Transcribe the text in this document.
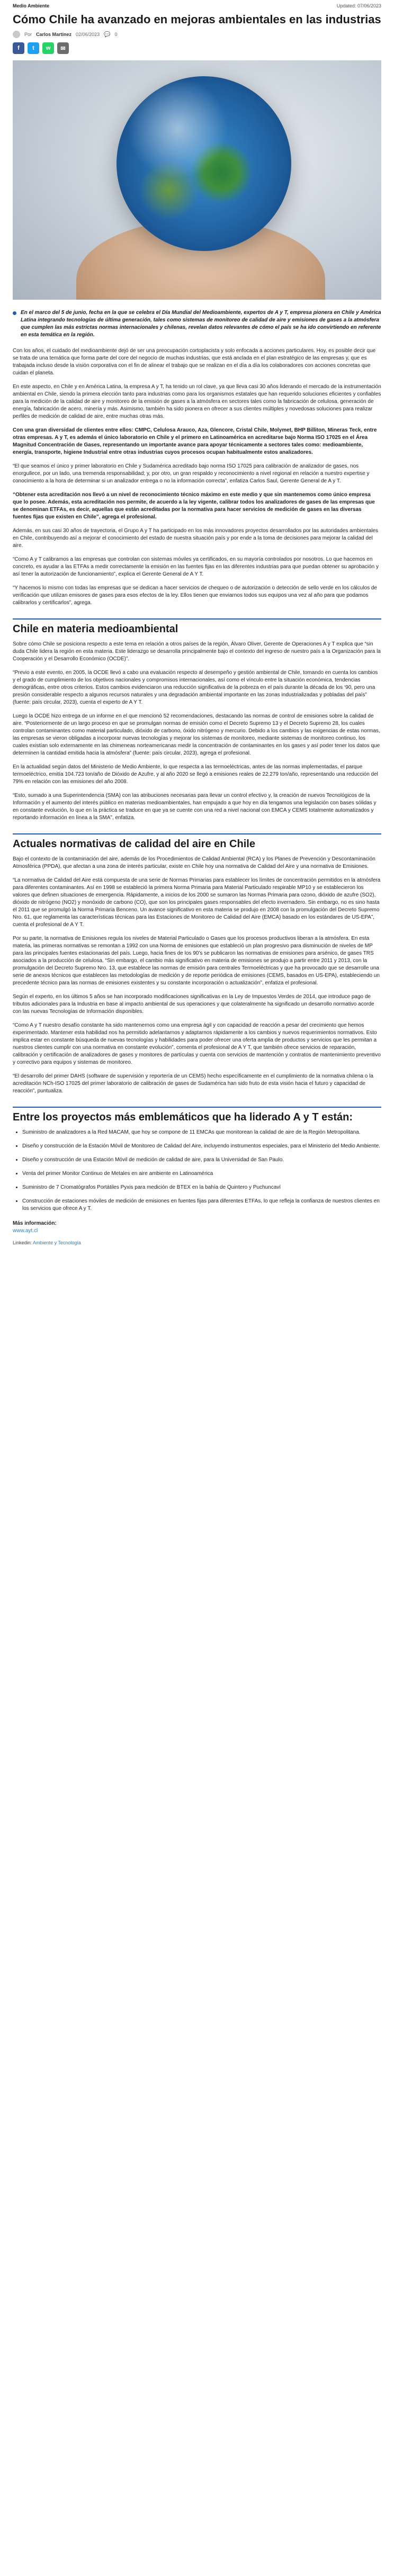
Medio Ambiente	Updated: 07/06/2023
Cómo Chile ha avanzado en mejoras ambientales en las industrias
Por Carlos Martínez 02/06/2023 💬 0
f	t	w	✉
En el marco del 5 de junio, fecha en la que se celebra el Día Mundial del Medioambiente, expertos de A y T, empresa pionera en Chile y América Latina integrando tecnologías de última generación, tales como sistemas de monitoreo de calidad de aire y emisiones de gases a la atmósfera que cumplen las más estrictas normas internacionales y chilenas, revelan datos relevantes de cómo el país se ha ido convirtiendo en referente en esta temática en la región.

Con los años, el cuidado del medioambiente dejó de ser una preocupación cortoplacista y solo enfocada a acciones particulares. Hoy, es posible decir que se trata de una temática que forma parte del core del negocio de muchas industrias, que está anclada en el plan estratégico de las empresas y, que es trabajada incluso desde la visión corporativa con el fin de alinear el trabajo que se realizan en el día a día los colaboradores con acciones concretas que cuidan el planeta.

En este aspecto, en Chile y en América Latina, la empresa A y T, ha tenido un rol clave, ya que lleva casi 30 años liderando el mercado de la instrumentación ambiental en Chile, siendo la primera elección tanto para industrias como para los organismos estatales que han requerido soluciones eficientes y confiables para la medición de la calidad de aire y monitoreo de la emisión de gases a la atmósfera en sectores tales como la fabricación de celulosa, generación de energía, fabricación de acero, minería y más. Asimismo, también ha sido pionera en ofrecer a sus clientes múltiples y novedosas soluciones para realizar perfiles de medición de calidad de aire, entre muchas otras más.

Con una gran diversidad de clientes entre ellos: CMPC, Celulosa Arauco, Aza, Glencore, Cristal Chile, Molymet, BHP Billiton, Mineras Teck, entre otras empresas. A y T, es además el único laboratorio en Chile y el primero en Latinoamérica en acreditarse bajo Norma ISO 17025 en el Área Magnitud Concentración de Gases, representando un importante avance para apoyar técnicamente a sectores tales como: medioambiente, energía, transporte, higiene Industrial entre otras industrias cuyos procesos ocupan habitualmente estos analizadores.

“El que seamos el único y primer laboratorio en Chile y Sudamérica acreditado bajo norma ISO 17025 para calibración de analizador de gases, nos enorgullece, por un lado, una tremenda responsabilidad; y, por otro, un gran respaldo y reconocimiento a nivel regional en relación a nuestro expertise y conocimiento a la hora de determinar si un analizador entrega o no la información correcta”, enfatiza Carlos Saul, Gerente General de A y T.

“Obtener esta acreditación nos llevó a un nivel de reconocimiento técnico máximo en este medio y que sin mantenemos como único empresa que lo posee. Además, esta acreditación nos permite, de acuerdo a la ley vigente, calibrar todos los analizadores de gases de las empresas que se denominan ETFAs, es decir, aquellas que están acreditadas por la normativa para hacer servicios de medición de gases en las diversas fuentes fijas que existen en Chile”, agrega el profesional.

Además, en sus casi 30 años de trayectoria, el Grupo A y T ha participado en los más innovadores proyectos desarrollados por las autoridades ambientales en Chile, contribuyendo así a mejorar el conocimiento del estado de nuestra situación país y por ende a la toma de decisiones para mejorar la calidad del aire.

“Como A y T calibramos a las empresas que controlan con sistemas móviles ya certificados, en su mayoría controlados por nosotros. Lo que hacemos en concreto, es ayudar a las ETFAs a medir correctamente la emisión en las fuentes fijas en las diferentes industrias para que puedan obtener su aprobación y así tener la autorización de funcionamiento”, explica el Gerente General de A Y T.

“Y hacemos lo mismo con todas las empresas que se dedican a hacer servicios de chequeo o de autorización o detección de sello verde en los cálculos de verificación que utilizan emisores de gases para esos efectos de la ley. Ellos tienen que enviarnos todos sus equipos una vez al año para que podamos calibrarlos y certificarlos”, agrega.

Chile en materia medioambiental

Sobre cómo Chile se posiciona respecto a este tema en relación a otros países de la región, Álvaro Oliver, Gerente de Operaciones A y T explica que “sin duda Chile lidera la región en esta materia. Este liderazgo se desarrolla principalmente bajo el contexto del ingreso de nuestro país a la Organización para la Cooperación y el Desarrollo Económico (OCDE)”.

“Previo a este evento, en 2005, la OCDE llevó a cabo una evaluación respecto al desempeño y gestión ambiental de Chile, tomando en cuenta los cambios y el grado de cumplimiento de los objetivos nacionales y compromisos internacionales, así como el vínculo entre la situación económica, tendencias demográficas, entre otros criterios. Estos cambios evidenciaron una reducción significativa de la pobreza en el país durante la década de los ‘90, pero una presión considerable respecto a algunos recursos naturales y una degradación ambiental importante en las zonas industrializadas y pobladas del país” (fuente: país circular, 2023), cuenta el experto de A Y T.

Luego la OCDE hizo entrega de un informe en el que mencionó 52 recomendaciones, destacando las normas de control de emisiones sobre la calidad de aire. “Posteriormente de un largo proceso en que se promulgan normas de emisión como el Decreto Supremo 13 y el Decreto Supremo 28, los cuales controlan contaminantes como material particulado, dióxido de carbono, óxido nitrógeno y mercurio. Debido a los cambios y las exigencias de estas normas, las empresas se vieron obligadas a incorporar nuevas tecnologías y mejorar los sistemas de monitoreo, mediante sistemas de monitoreo continuo, los cuales existían solo externamente en las chimeneas norteamericanas medir la concentración de contaminantes en los gases y así poder tener los datos que determinen la cantidad emitida hacia la atmósfera” (fuente: país circular, 2023), agrega el profesional.

En la actualidad según datos del Ministerio de Medio Ambiente, lo que respecta a las termoeléctricas, antes de las normas implementadas, el parque termoeléctrico, emitía 104.723 ton/año de Dióxido de Azufre, y al año 2020 se llegó a emisiones reales de 22.279 ton/año, representando una reducción del 79% en relación con las emisiones del año 2008.

“Esto, sumado a una Superintendencia (SMA) con las atribuciones necesarias para llevar un control efectivo y, la creación de nuevos Tecnológicos de la Información y el aumento del interés público en materias medioambientales, han empujado a que hoy en día tengamos una legislación con bases sólidas y en constante evolución, lo que en la práctica se traduce en que ya se cuente con una red a nivel nacional con EMCA y CEMS totalmente automatizados y reportando información en línea a la SMA”, enfatiza.

Actuales normativas de calidad del aire en Chile

Bajo el contexto de la contaminación del aire, además de los Procedimientos de Calidad Ambiental (RCA) y los Planes de Prevención y Descontaminación Atmosférica (PPDA), que afectan a una zona de interés particular, existe en Chile hoy una normativa de Calidad del Aire y una normativa de Emisiones.

“La normativa de Calidad del Aire está compuesta de una serie de Normas Primarias para establecer los límites de concentración permitidos en la atmósfera para diferentes contaminantes. Así en 1998 se estableció la primera Norma Primaria para Material Particulado respirable MP10 y se establecieron los valores que definen situaciones de emergencia. Rápidamente, a inicios de los 2000 se sumaron las Normas Primaria para ozono, dióxido de azufre (SO2), dióxido de nitrógeno (NO2) y monóxido de carbono (CO), que son los principales gases responsables del efecto invernadero. Sin embargo, no es sino hasta el 2011 que se promulgó la Norma Primaria Benceno. Un avance significativo en esta materia se produjo en 2008 con la promulgación del Decreto Supremo Nro. 61, que reglamenta las características técnicas para las Estaciones de Monitoreo de Calidad del Aire (EMCA) basado en los estándares de US-EPA”, cuenta el profesional de A Y T.

Por su parte, la normativa de Emisiones regula los niveles de Material Particulado o Gases que los procesos productivos liberan a la atmósfera. En esta materia, las primeras normativas se remontan a 1992 con una Norma de emisiones que estableció un plan progresivo para disminución de niveles de MP para las principales fuentes estacionarias del país. Luego, hacia fines de los 90’s se publicaron las normativas de emisiones para arsénico, de gases TRS asociados a la producción de celulosa. “Sin embargo, el cambio más significativo en materia de emisiones se produjo a partir entre 2011 y 2013, con la promulgación del Decreto Supremo Nro. 13, que establece las normas de emisión para centrales Termoeléctricas y que ha provocado que se desarrolle una serie de anexos técnicos que establecen las metodologías de medición y de reporte periódica de emisiones (CEMS, basados en US-EPA), estableciendo un precedente técnico para las normas de emisiones existentes y su constante incorporación o actualización”, enfatiza el profesional.

Según el experto, en los últimos 5 años se han incorporado modificaciones significativas en la Ley de Impuestos Verdes de 2014, que introduce pago de tributos adicionales para la Industria en base al impacto ambiental de sus operaciones y que colateralmente ha significado un desarrollo normativo acorde con las nuevas Tecnologías de Información disponibles.

“Como A y T nuestro desafío constante ha sido mantenernos como una empresa ágil y con capacidad de reacción a pesar del crecimiento que hemos experimentado. Mantener esta habilidad nos ha permitido adelantarnos y adaptarnos rápidamente a los cambios y nuevos requerimientos normativos. Esto implica estar en constante búsqueda de nuevas tecnologías y habilidades para poder ofrecer una oferta amplia de productos y servicios que les permitan a nuestros clientes cumplir con una normativa en constante evolución”, comenta el profesional de A Y T, que también ofrece servicios de reparación, calibración y certificación de analizadores de gases y monitores de partículas y cuenta con servicios de mantención y contratos de mantenimiento preventivo y correctivo para equipos y sistemas de monitoreo.

“El desarrollo del primer DAHS (software de supervisión y reportería de un CEMS) hecho específicamente en el cumplimiento de la normativa chilena o la acreditación NCh-ISO 17025 del primer laboratorio de calibración de gases de Sudamérica han sido fruto de esta visión hacia el futuro y capacidad de reacción”, puntualiza.

Entre los proyectos más emblemáticos que ha liderado A y T están:
• Suministro de analizadores a la Red MACAM, que hoy se compone de 11 EMCAs que monitorean la calidad de aire de la Región Metropolitana.
• Diseño y construcción de la Estación Móvil de Monitoreo de Calidad del Aire, incluyendo instrumentos especiales, para el Ministerio del Medio Ambiente.
• Diseño y construcción de una Estación Móvil de medición de calidad de aire, para la Universidad de San Paulo.
• Venta del primer Monitor Continuo de Metales en aire ambiente en Latinoamérica
• Suministro de 7 Cromatógrafos Portátiles Pyxis para medición de BTEX en la bahía de Quintero y Puchuncaví
• Construcción de estaciones móviles de medición de emisiones en fuentes fijas para diferentes ETFAs, lo que refleja la confianza de nuestros clientes en los servicios que ofrece A y T.
Más información:
www.ayt.cl
Linkedin: Ambiente y Tecnología
